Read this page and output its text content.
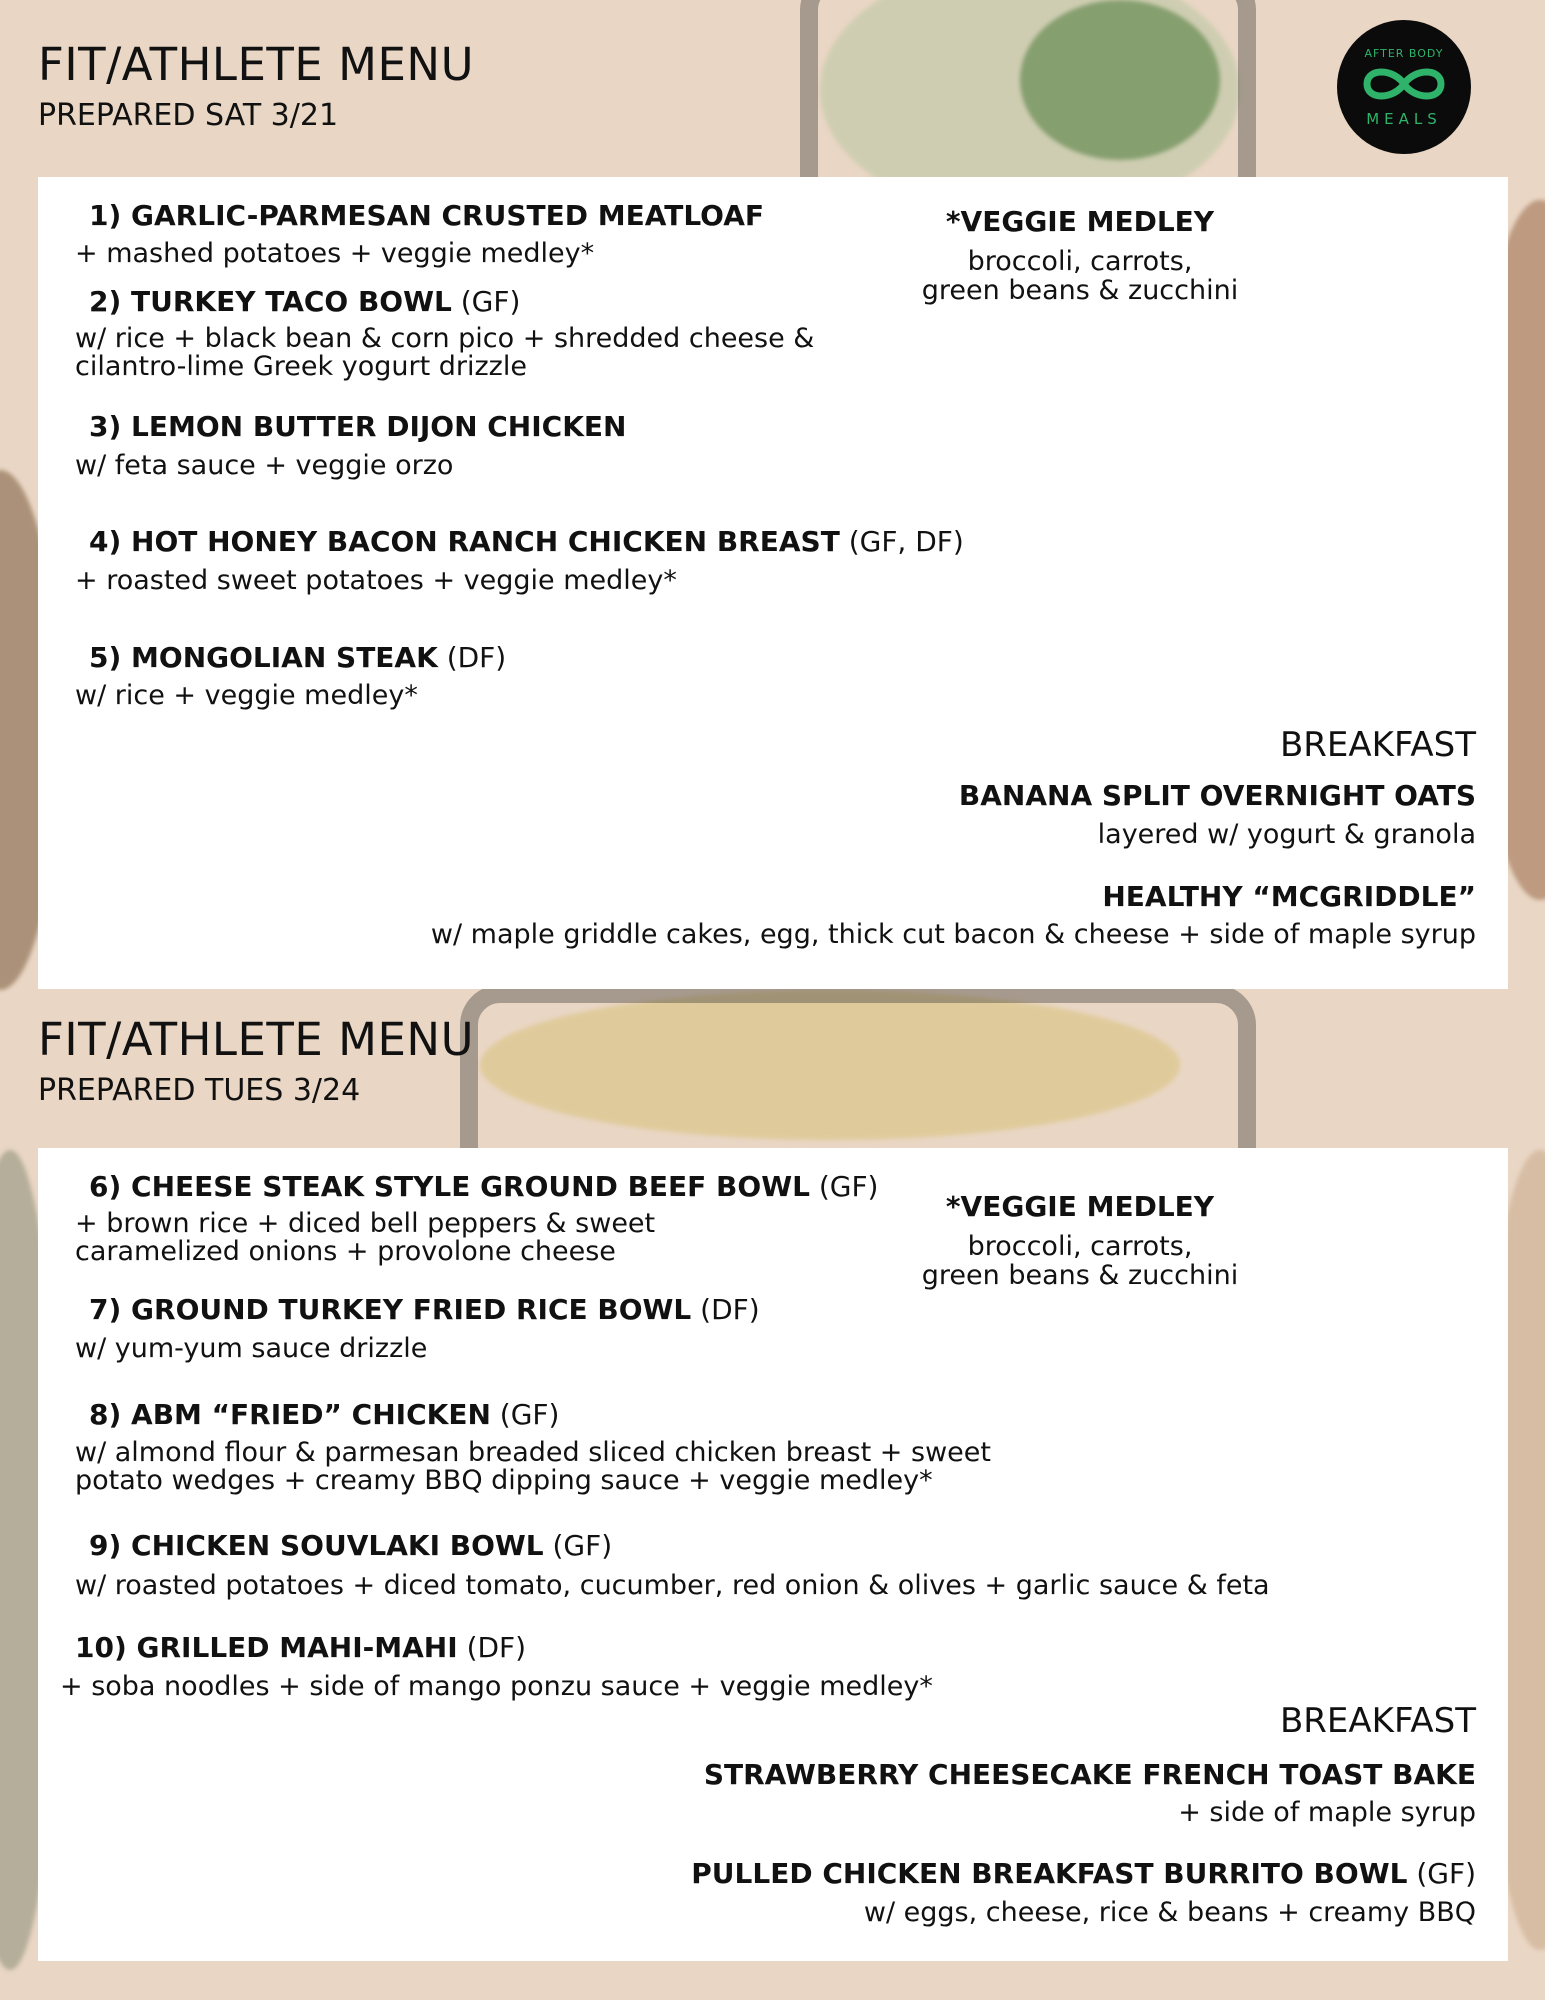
FIT/ATHLETE MENU
PREPARED SAT 3/21
AFTER BODY
MEALS
1) GARLIC-PARMESAN CRUSTED MEATLOAF
+ mashed potatoes + veggie medley*
2) TURKEY TACO BOWL (GF)
w/ rice + black bean & corn pico + shredded cheese &
cilantro-lime Greek yogurt drizzle
3) LEMON BUTTER DIJON CHICKEN
w/ feta sauce + veggie orzo
4) HOT HONEY BACON RANCH CHICKEN BREAST (GF, DF)
+ roasted sweet potatoes + veggie medley*
5) MONGOLIAN STEAK (DF)
w/ rice + veggie medley*
*VEGGIE MEDLEY
broccoli, carrots,
green beans & zucchini
BREAKFAST
BANANA SPLIT OVERNIGHT OATS
layered w/ yogurt & granola
HEALTHY “MCGRIDDLE”
w/ maple griddle cakes, egg, thick cut bacon & cheese + side of maple syrup
FIT/ATHLETE MENU
PREPARED TUES 3/24
6) CHEESE STEAK STYLE GROUND BEEF BOWL (GF)
+ brown rice + diced bell peppers & sweet
caramelized onions + provolone cheese
7) GROUND TURKEY FRIED RICE BOWL (DF)
w/ yum-yum sauce drizzle
8) ABM “FRIED” CHICKEN (GF)
w/ almond flour & parmesan breaded sliced chicken breast + sweet
potato wedges + creamy BBQ dipping sauce + veggie medley*
9) CHICKEN SOUVLAKI BOWL (GF)
w/ roasted potatoes + diced tomato, cucumber, red onion & olives + garlic sauce & feta
10) GRILLED MAHI-MAHI (DF)
+ soba noodles + side of mango ponzu sauce + veggie medley*
*VEGGIE MEDLEY
broccoli, carrots,
green beans & zucchini
BREAKFAST
STRAWBERRY CHEESECAKE FRENCH TOAST BAKE
+ side of maple syrup
PULLED CHICKEN BREAKFAST BURRITO BOWL (GF)
w/ eggs, cheese, rice & beans + creamy BBQ
